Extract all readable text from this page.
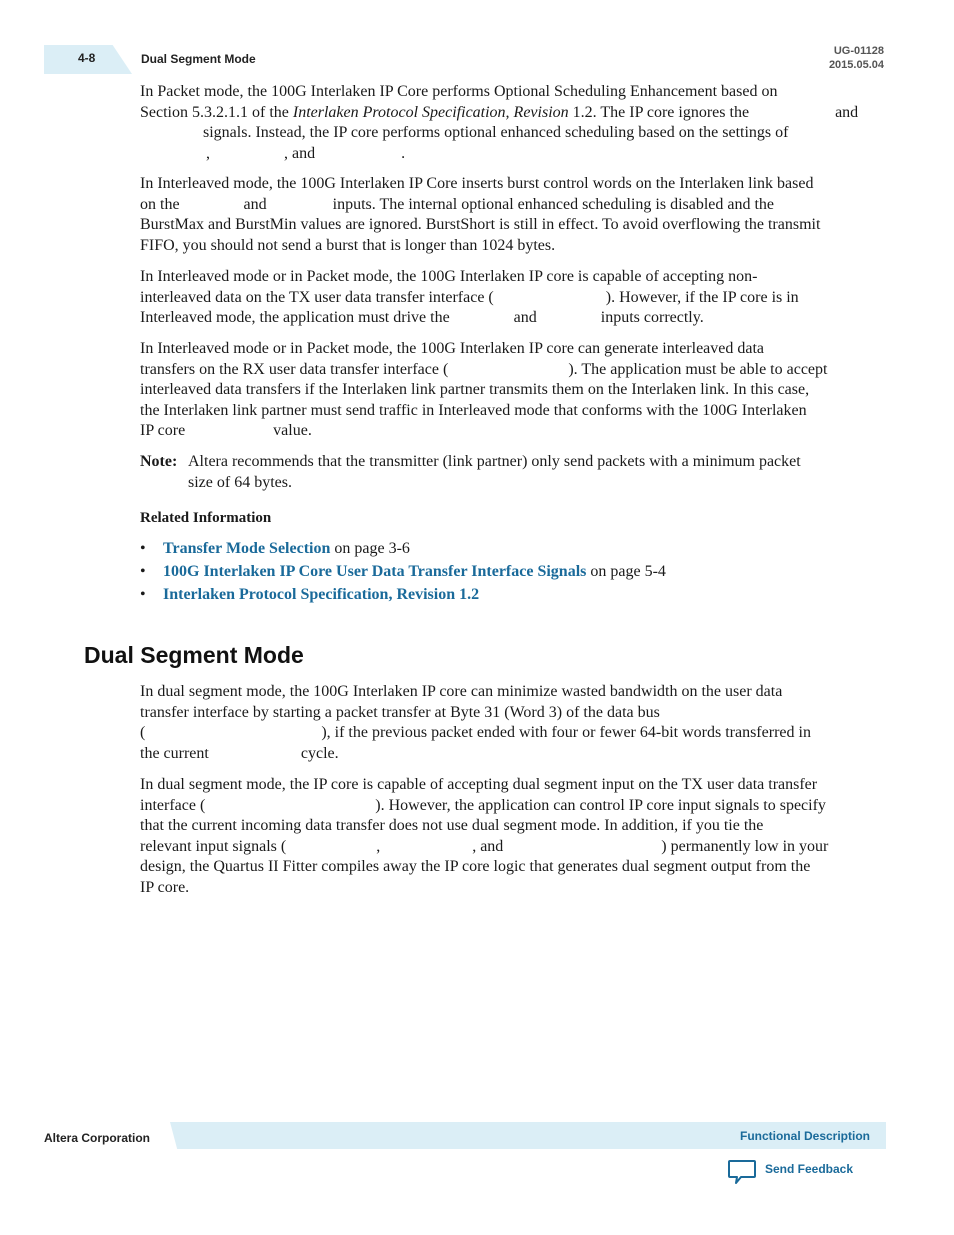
4-8	Dual Segment Mode
UG-01128
2015.05.04
In Packet mode, the 100G Interlaken IP Core performs Optional Scheduling Enhancement based on
Section 5.3.2.1.1 of the Interlaken Protocol Specification, Revision 1.2. The IP core ignores the	and
signals. Instead, the IP core performs optional enhanced scheduling based on the settings of
,	, and	.
In Interleaved mode, the 100G Interlaken IP Core inserts burst control words on the Interlaken link based
on the	and	inputs. The internal optional enhanced scheduling is disabled and the
BurstMax and BurstMin values are ignored. BurstShort is still in effect. To avoid overflowing the transmit
FIFO, you should not send a burst that is longer than 1024 bytes.
In Interleaved mode or in Packet mode, the 100G Interlaken IP core is capable of accepting non-
interleaved data on the TX user data transfer interface (	). However, if the IP core is in
Interleaved mode, the application must drive the	and	inputs correctly.
In Interleaved mode or in Packet mode, the 100G Interlaken IP core can generate interleaved data
transfers on the RX user data transfer interface (	). The application must be able to accept
interleaved data transfers if the Interlaken link partner transmits them on the Interlaken link. In this case,
the Interlaken link partner must send traffic in Interleaved mode that conforms with the 100G Interlaken
IP core	value.
Note: Altera recommends that the transmitter (link partner) only send packets with a minimum packet
size of 64 bytes.
Related Information
• Transfer Mode Selection on page 3-6
• 100G Interlaken IP Core User Data Transfer Interface Signals on page 5-4
• Interlaken Protocol Specification, Revision 1.2
Dual Segment Mode
In dual segment mode, the 100G Interlaken IP core can minimize wasted bandwidth on the user data
transfer interface by starting a packet transfer at Byte 31 (Word 3) of the data bus
(	), if the previous packet ended with four or fewer 64-bit words transferred in
the current	cycle.
In dual segment mode, the IP core is capable of accepting dual segment input on the TX user data transfer
interface (	). However, the application can control IP core input signals to specify
that the current incoming data transfer does not use dual segment mode. In addition, if you tie the
relevant input signals (	,	, and	) permanently low in your
design, the Quartus II Fitter compiles away the IP core logic that generates dual segment output from the
IP core.
Altera Corporation	Functional Description
Send Feedback
